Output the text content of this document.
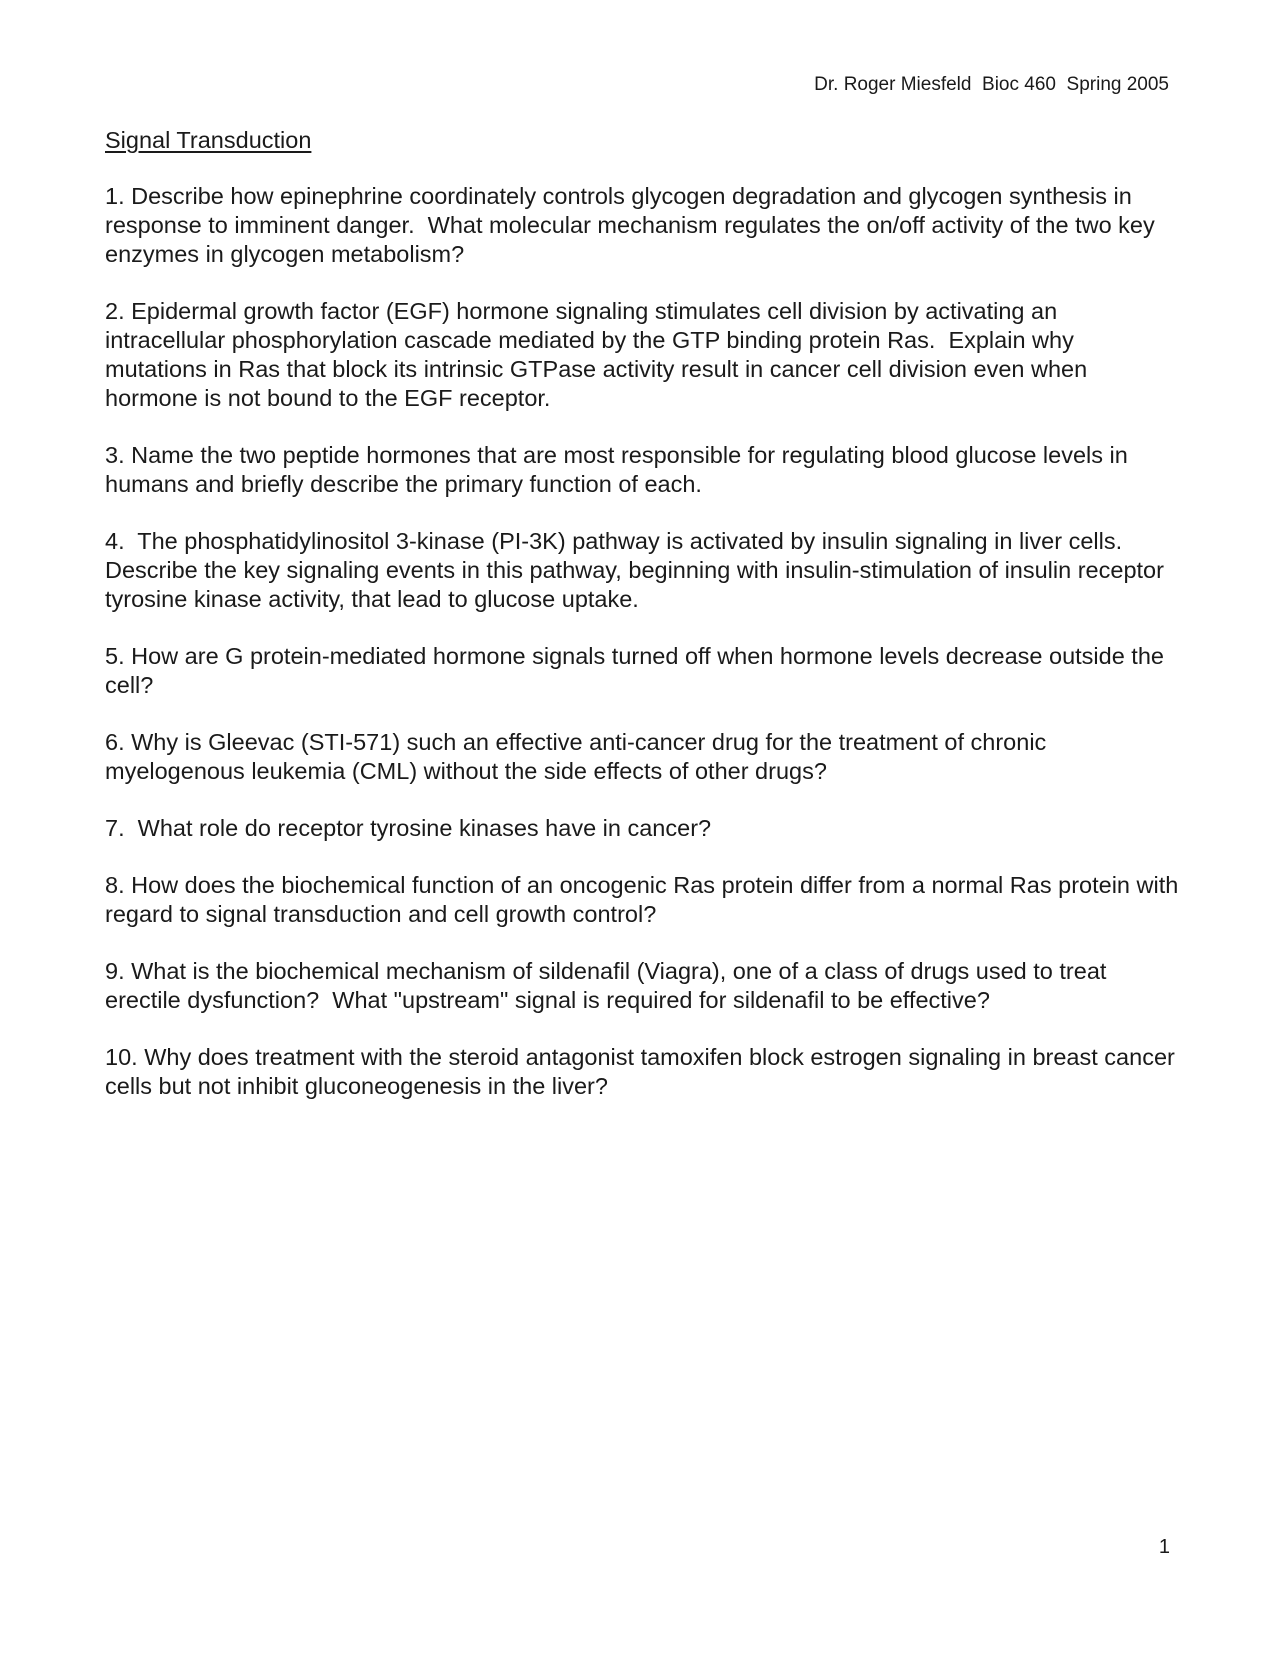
Dr. Roger Miesfeld  Bioc 460  Spring 2005
Signal Transduction
1. Describe how epinephrine coordinately controls glycogen degradation and glycogen synthesis in response to imminent danger.  What molecular mechanism regulates the on/off activity of the two key enzymes in glycogen metabolism?
2. Epidermal growth factor (EGF) hormone signaling stimulates cell division by activating an intracellular phosphorylation cascade mediated by the GTP binding protein Ras.  Explain why mutations in Ras that block its intrinsic GTPase activity result in cancer cell division even when hormone is not bound to the EGF receptor.
3. Name the two peptide hormones that are most responsible for regulating blood glucose levels in humans and briefly describe the primary function of each.
4.  The phosphatidylinositol 3-kinase (PI-3K) pathway is activated by insulin signaling in liver cells.  Describe the key signaling events in this pathway, beginning with insulin-stimulation of insulin receptor tyrosine kinase activity, that lead to glucose uptake.
5. How are G protein-mediated hormone signals turned off when hormone levels decrease outside the cell?
6. Why is Gleevac (STI-571) such an effective anti-cancer drug for the treatment of chronic myelogenous leukemia (CML) without the side effects of other drugs?
7.  What role do receptor tyrosine kinases have in cancer?
8. How does the biochemical function of an oncogenic Ras protein differ from a normal Ras protein with regard to signal transduction and cell growth control?
9. What is the biochemical mechanism of sildenafil (Viagra), one of a class of drugs used to treat erectile dysfunction?  What "upstream" signal is required for sildenafil to be effective?
10. Why does treatment with the steroid antagonist tamoxifen block estrogen signaling in breast cancer cells but not inhibit gluconeogenesis in the liver?
1
